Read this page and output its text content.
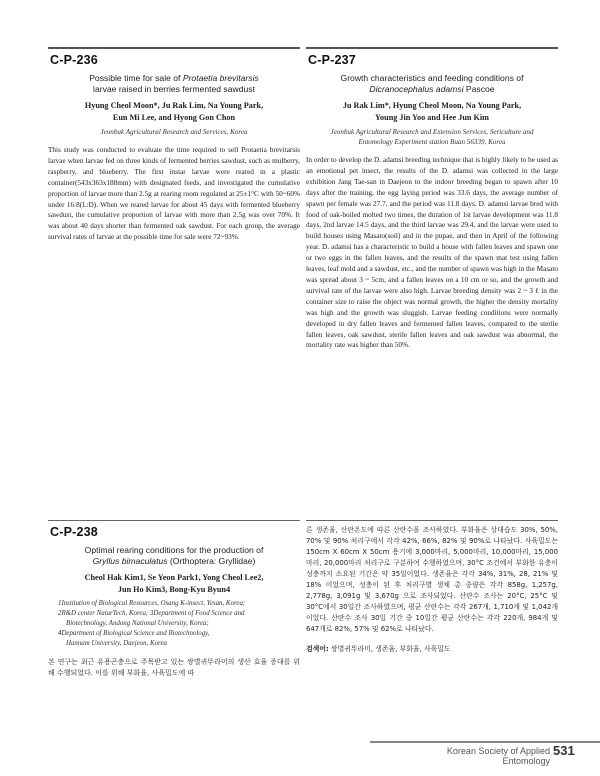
C-P-236
Possible time for sale of Protaetia brevitarsis
larvae raised in berries fermented sawdust
Hyung Cheol Moon*, Ju Rak Lim, Na Young Park,
Eun Mi Lee, and Hyong Gon Chon
Jeonbuk Agricultural Research and Services, Korea

This study was conducted to evaluate the time required to sell Protaetia brevitarsis larvae when larvae fed on three kinds of fermented berries sawdust, such as mulberry, raspberry, and blueberry. The first instar larvae were reared in a plastic container(543x363x188mm) with designated feeds, and investigated the cumulative proportion of larvae more than 2.5g at rearing room regulated at 25±1°C with 50~60% under 16:8(L:D). When we reared larvae for about 45 days with fermented blueberry sawdust, the cumulative proportion of larvae with more than 2.5g was over 70%. It was about 40 days shorter than fermented oak sawdust. For each group, the average survival rates of larvae at the possible time for sale were 72~93%.

C-P-237
Growth characteristics and feeding conditions of
Dicranocephalus adamsi Pascoe
Ju Rak Lim*, Hyung Cheol Moon, Na Young Park,
Young Jin Yoo and Hee Jun Kim
Jeonbuk Agricultural Research and Extension Services, Sericulture and
Entomology Experiment station Buan 56339, Korea

In order to develop the D. adamsi breeding technique that is highly likely to be used as an emotional pet insect, the results of the D. adamsi was collected in the large exhibition Jang Tae-san in Daejeon to the indoor breeding began to spawn after 10 days after the training, the egg laying period was 33.6 days, the average number of spawn per female was 27.7, and the period was 11.8 days. D. adamsi larvae bred with food of oak-boiled molted two times, the duration of 1st larvae development was 11.8 days, 2nd larvae 14.5 days, and the third larvae was 29.4, and the larvae were used to build houses using Masato(soil) and in the pupae, and then in April of the following year. D. adamsi has a characteristic to build a house with fallen leaves and spawn one or two eggs in the fallen leaves, and the results of the spawn mat test using fallen leaves, leaf mold and a sawdust, etc., and the number of spawn was high in the Masato was spread about 3 ~ 5cm, and a fallen leaves on a 10 cm or so, and the growth and survival rate of the larvae were also high. Larvae breeding density was 2 ~ 3 ℓ in the container size to raise the object was normal growth, the higher the density mortality was high and the growth was sluggish. Larvae feeding conditions were normally developed in dry fallen leaves and fermented fallen leaves, compared to the sterile fallen leaves, oak sawdust, sterile fallen leaves and oak sawdust was abnormal, the mortality rate was higher than 50%.

C-P-238
Optimal rearing conditions for the production of
Gryllus bimaculatus (Orthoptera: Gryllidae)
Cheol Hak Kim1, Se Yeon Park1, Yong Cheol Lee2,
Jun Ho Kim3, Bong-Kyu Byun4
1Institution of Biological Resources, Osang K-insect, Yesan, Korea;
2R&D center NaturTech, Korea; 3Department of Food Science and
Biotechnology, Andong National University, Korea;
4Department of Biological Science and Biotechnology,
Hannam University, Daejeon, Korea

본 연구는 최근 유용곤충으로 주목받고 있는 쌍별귀뚜라미의 생산 효율 증대를 위해 수행되었다. 이를 위해 부화율, 사육밀도에 따

른 생존율, 산란온도에 따른 산란수을 조사하였다. 부화율은 상대습도 30%, 50%, 70% 및 90% 처리구에서 각각 42%, 66%, 82% 및 90%로 나타났다. 사육밀도는 150cm X 60cm X 50cm 용기에 3,000마리, 5,000마리, 10,000마리, 15,000마리, 20,000마리 처리구로 구분하여 수행하였으며, 30°C 조건에서 부화한 유충이 성충까지 소요된 기간은 약 35일이었다. 생존율은 각각 34%, 31%, 28, 21% 및 18% 이었으며, 성충이 된 후 처리구별 생체 총 중량은 각각 858g, 1,257g, 2,778g, 3,091g 및 3,670g 으로 조사되었다. 산란수 조사는 20°C, 25°C 및 30°C에서 30일간 조사하였으며, 평균 산란수는 각각 267개, 1,710개 및 1,042개이었다. 산란수 조사 30일 기간 중 10일간 평균 산란수는 각각 220개, 984개 및 647개로 82%, 57% 및 62%로 나타났다.

검색어: 쌍별귀뚜라미, 생존율, 부화율, 사육밀도

Korean Society of Applied Entomology
531
